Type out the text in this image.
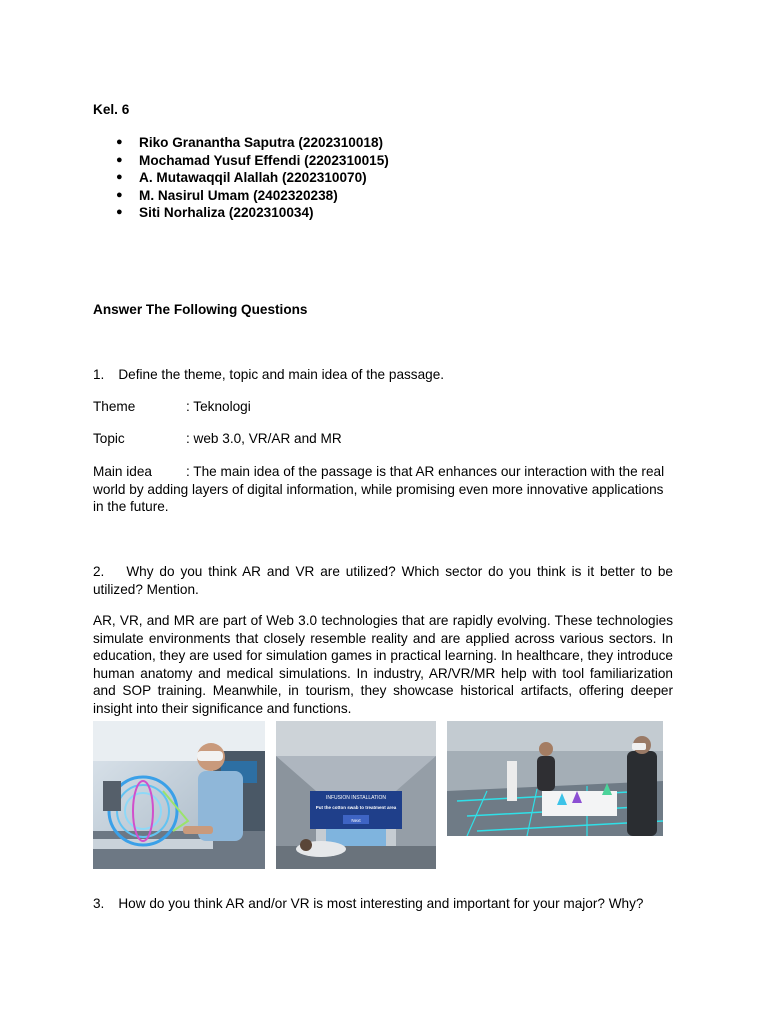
Kel. 6
● Riko Granantha Saputra (2202310018)
● Mochamad Yusuf Effendi (2202310015)
● A. Mutawaqqil Alallah (2202310070)
● M. Nasirul Umam (2402320238)
● Siti Norhaliza (2202310034)
Answer The Following Questions
1. Define the theme, topic and main idea of the passage.
Theme	: Teknologi
Topic	: web 3.0, VR/AR and MR
Main idea	: The main idea of the passage is that AR enhances our interaction with the real world by adding layers of digital information, while promising even more innovative applications in the future.
2. Why do you think AR and VR are utilized? Which sector do you think is it better to be utilized? Mention.
AR, VR, and MR are part of Web 3.0 technologies that are rapidly evolving. These technologies simulate environments that closely resemble reality and are applied across various sectors. In education, they are used for simulation games in practical learning. In healthcare, they introduce human anatomy and medical simulations. In industry, AR/VR/MR help with tool familiarization and SOP training. Meanwhile, in tourism, they showcase historical artifacts, offering deeper insight into their significance and functions.
INFUSION INSTALLATION
Put the cotton swab to treatment area
Next
3. How do you think AR and/or VR is most interesting and important for your major? Why?
